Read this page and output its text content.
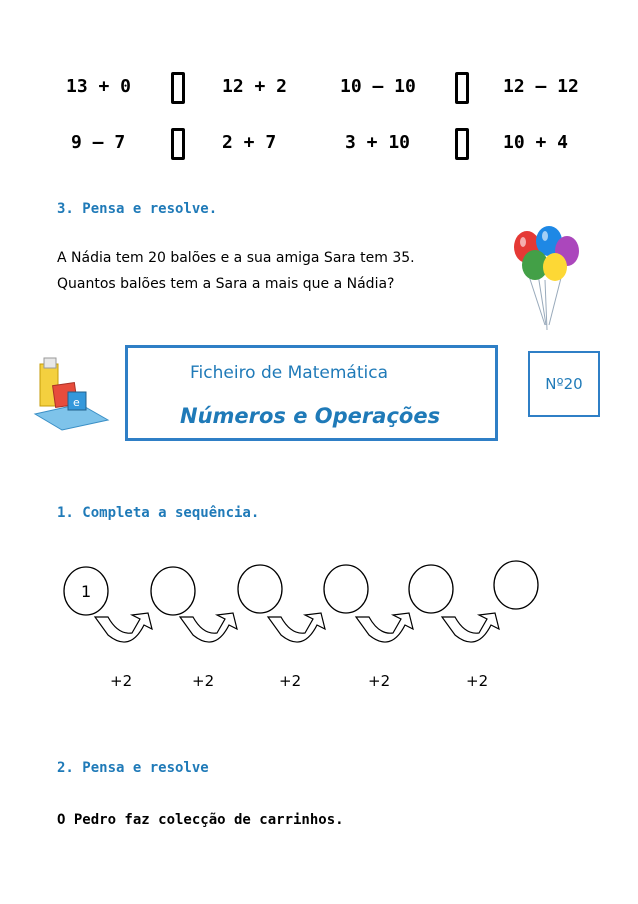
13 + 0	12 + 2	10 – 10	12 – 12
9 – 7	2 + 7	3 + 10	10 + 4
3. Pensa e resolve.
A Nádia tem 20 balões e a sua amiga Sara tem 35.
Quantos balões tem a Sara a mais que a Nádia?
e
Ficheiro de Matemática
Números e Operações
Nº20
1. Completa a sequência.
1
+2	+2	+2	+2	+2
2. Pensa e resolve
O Pedro faz colecção de carrinhos.
